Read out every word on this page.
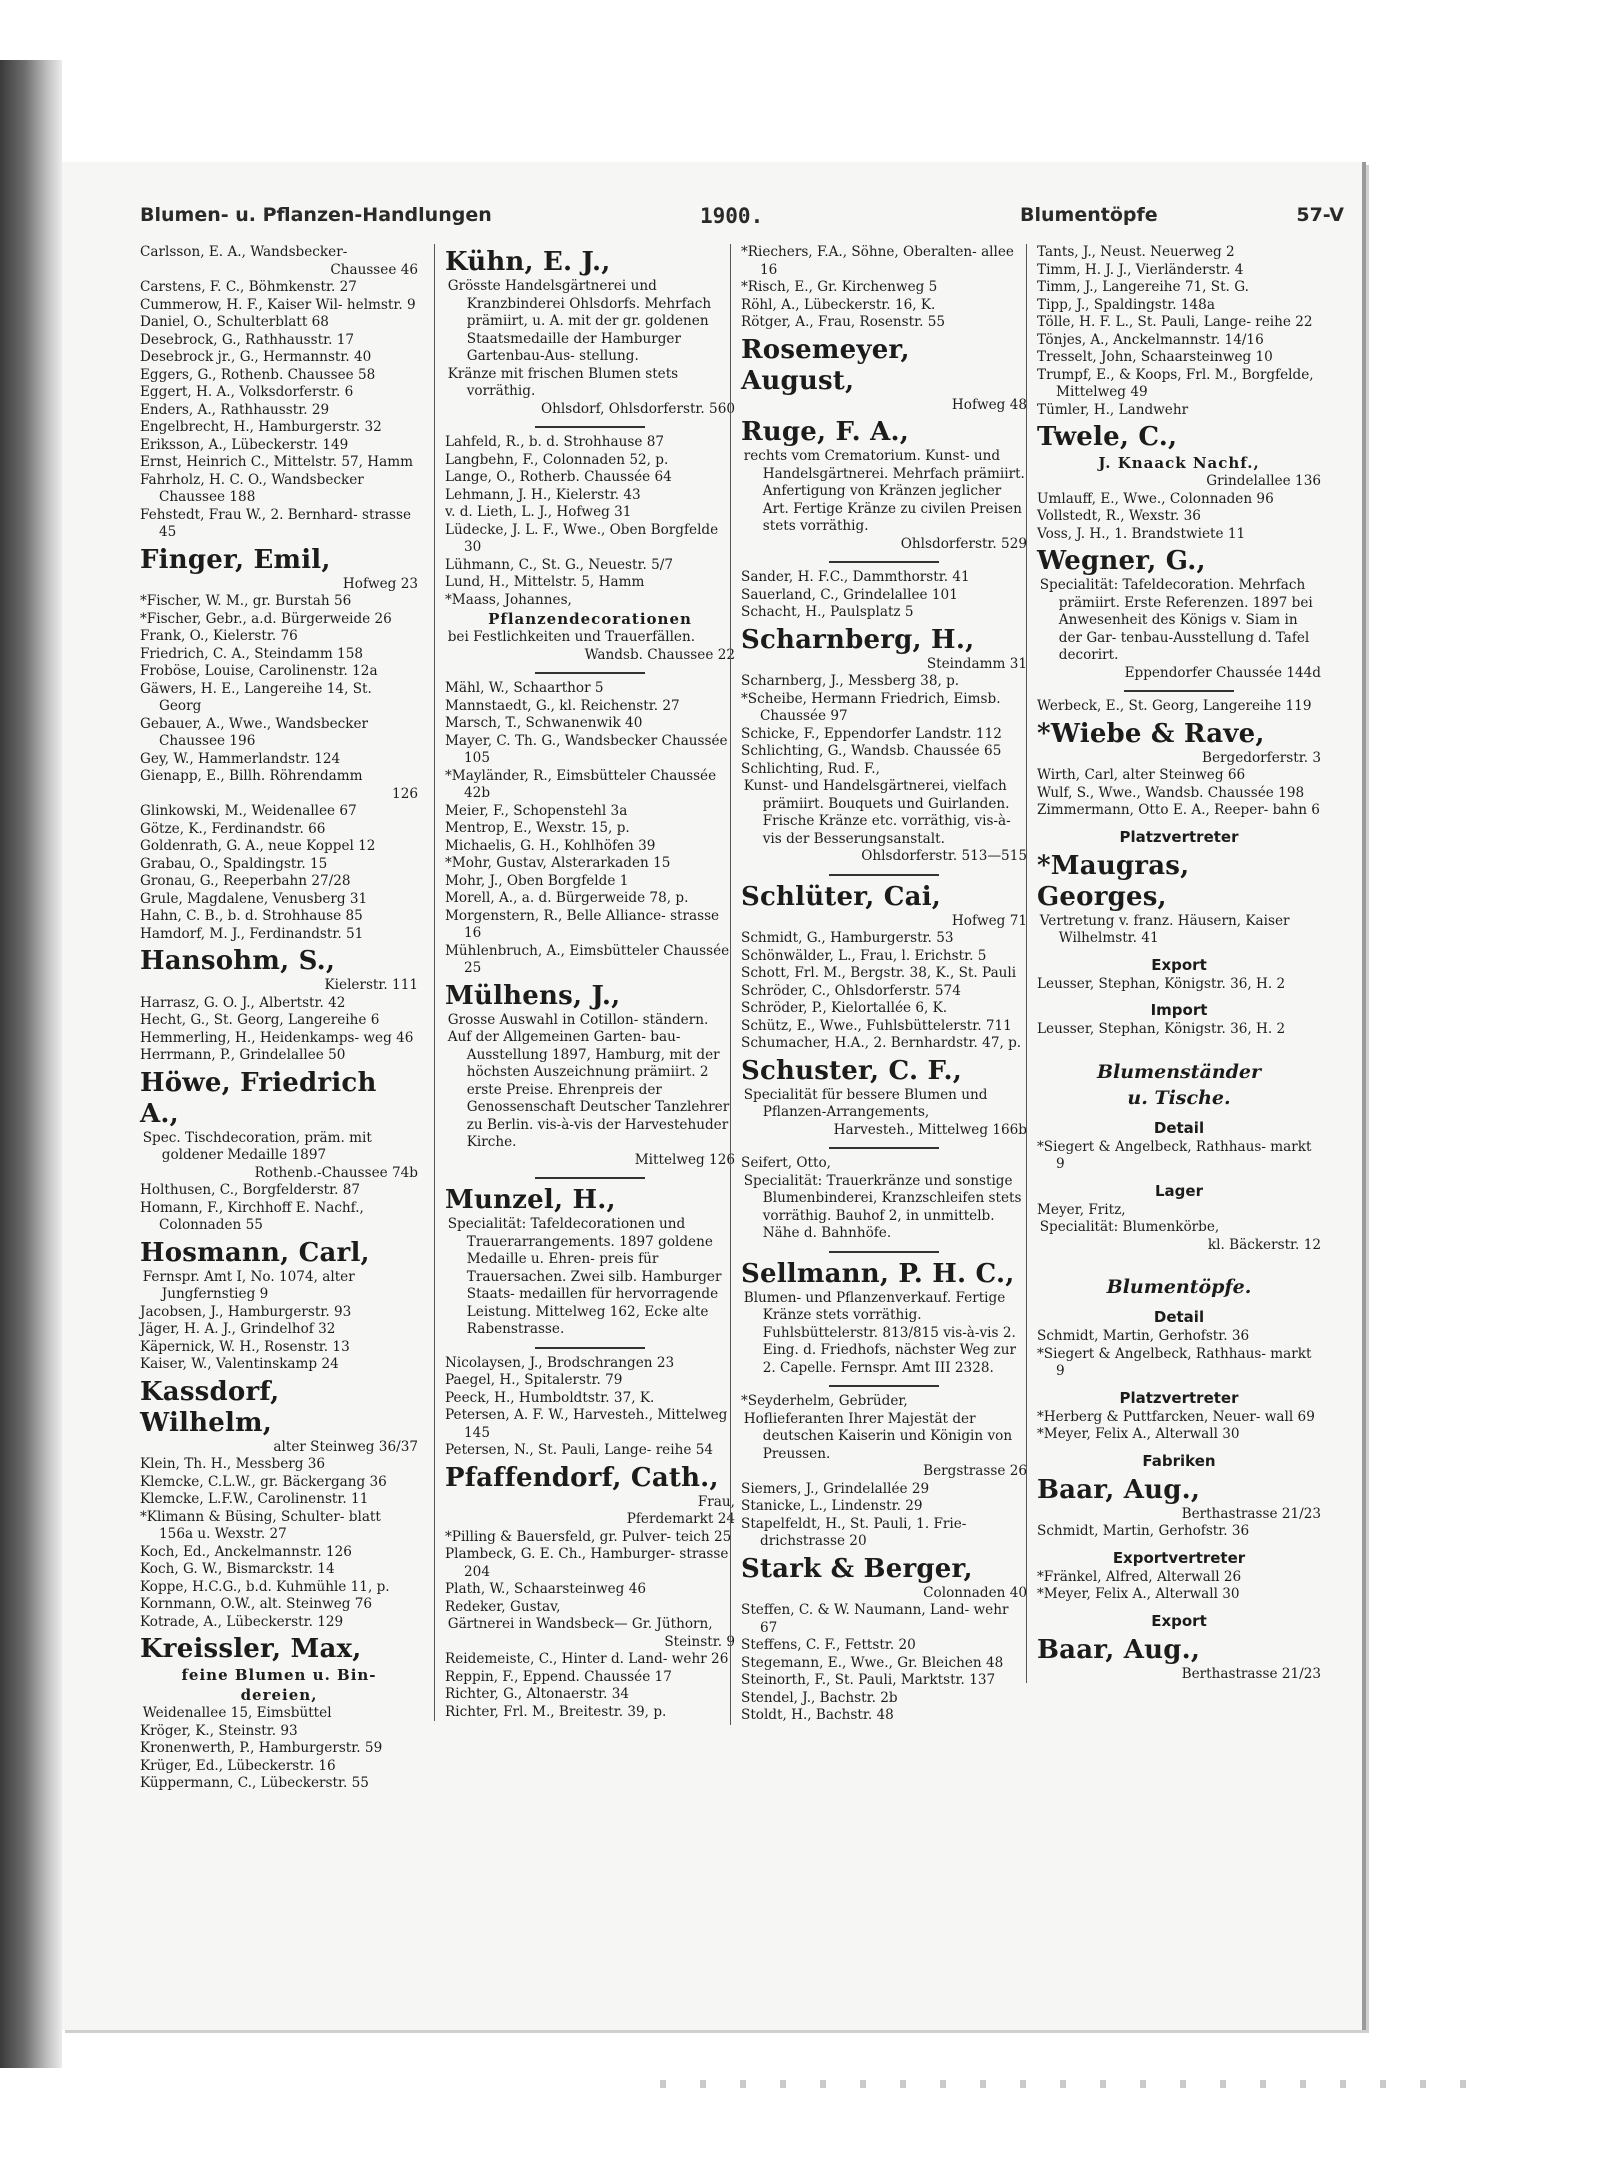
Blumen- u. Pflanzen-Handlungen	1900.	Blumentöpfe	57-V
Carlsson, E. A., Wandsbecker-
Chaussee 46
Carstens, F. C., Böhmkenstr. 27
Cummerow, H. F., Kaiser Wil- helmstr. 9
Daniel, O., Schulterblatt 68
Desebrock, G., Rathhausstr. 17
Desebrock jr., G., Hermannstr. 40
Eggers, G., Rothenb. Chaussee 58
Eggert, H. A., Volksdorferstr. 6
Enders, A., Rathhausstr. 29
Engelbrecht, H., Hamburgerstr. 32
Eriksson, A., Lübeckerstr. 149
Ernst, Heinrich C., Mittelstr. 57, Hamm
Fahrholz, H. C. O., Wandsbecker Chaussee 188
Fehstedt, Frau W., 2. Bernhard- strasse 45
Finger, Emil,
Hofweg 23
*Fischer, W. M., gr. Burstah 56
*Fischer, Gebr., a.d. Bürgerweide 26
Frank, O., Kielerstr. 76
Friedrich, C. A., Steindamm 158
Froböse, Louise, Carolinenstr. 12a
Gäwers, H. E., Langereihe 14, St. Georg
Gebauer, A., Wwe., Wandsbecker Chaussee 196
Gey, W., Hammerlandstr. 124
Gienapp, E., Billh. Röhrendamm
126
Glinkowski, M., Weidenallee 67
Götze, K., Ferdinandstr. 66
Goldenrath, G. A., neue Koppel 12
Grabau, O., Spaldingstr. 15
Gronau, G., Reeperbahn 27/28
Grule, Magdalene, Venusberg 31
Hahn, C. B., b. d. Strohhause 85
Hamdorf, M. J., Ferdinandstr. 51
Hansohm, S.,
Kielerstr. 111
Harrasz, G. O. J., Albertstr. 42
Hecht, G., St. Georg, Langereihe 6
Hemmerling, H., Heidenkamps- weg 46
Herrmann, P., Grindelallee 50
Höwe, Friedrich A.,
Spec. Tischdecoration, präm. mit goldener Medaille 1897
Rothenb.-Chaussee 74b
Holthusen, C., Borgfelderstr. 87
Homann, F., Kirchhoff E. Nachf., Colonnaden 55
Hosmann, Carl,
Fernspr. Amt I, No. 1074, alter Jungfernstieg 9
Jacobsen, J., Hamburgerstr. 93
Jäger, H. A. J., Grindelhof 32
Käpernick, W. H., Rosenstr. 13
Kaiser, W., Valentinskamp 24
Kassdorf, Wilhelm,
alter Steinweg 36/37
Klein, Th. H., Messberg 36
Klemcke, C.L.W., gr. Bäckergang 36
Klemcke, L.F.W., Carolinenstr. 11
*Klimann & Büsing, Schulter- blatt 156a u. Wexstr. 27
Koch, Ed., Anckelmannstr. 126
Koch, G. W., Bismarckstr. 14
Koppe, H.C.G., b.d. Kuhmühle 11, p.
Kornmann, O.W., alt. Steinweg 76
Kotrade, A., Lübeckerstr. 129
Kreissler, Max,
feine Blumen u. Bin- dereien,
Weidenallee 15, Eimsbüttel
Kröger, K., Steinstr. 93
Kronenwerth, P., Hamburgerstr. 59
Krüger, Ed., Lübeckerstr. 16
Küppermann, C., Lübeckerstr. 55
Kühn, E. J.,
Grösste Handelsgärtnerei und Kranzbinderei Ohlsdorfs. Mehrfach prämiirt, u. A. mit der gr. goldenen Staatsmedaille der Hamburger Gartenbau-Aus- stellung.
Kränze mit frischen Blumen stets vorräthig.
Ohlsdorf, Ohlsdorferstr. 560
Lahfeld, R., b. d. Strohhause 87
Langbehn, F., Colonnaden 52, p.
Lange, O., Rotherb. Chaussée 64
Lehmann, J. H., Kielerstr. 43
v. d. Lieth, L. J., Hofweg 31
Lüdecke, J. L. F., Wwe., Oben Borgfelde 30
Lühmann, C., St. G., Neuestr. 5/7
Lund, H., Mittelstr. 5, Hamm
*Maass, Johannes,
Pflanzendecorationen
bei Festlichkeiten und Trauerfällen.
Wandsb. Chaussee 22
Mähl, W., Schaarthor 5
Mannstaedt, G., kl. Reichenstr. 27
Marsch, T., Schwanenwik 40
Mayer, C. Th. G., Wandsbecker Chaussée 105
*Mayländer, R., Eimsbütteler Chaussée 42b
Meier, F., Schopenstehl 3a
Mentrop, E., Wexstr. 15, p.
Michaelis, G. H., Kohlhöfen 39
*Mohr, Gustav, Alsterarkaden 15
Mohr, J., Oben Borgfelde 1
Morell, A., a. d. Bürgerweide 78, p.
Morgenstern, R., Belle Alliance- strasse 16
Mühlenbruch, A., Eimsbütteler Chaussée 25
Mülhens, J.,
Grosse Auswahl in Cotillon- ständern.
Auf der Allgemeinen Garten- bau-Ausstellung 1897, Hamburg, mit der höchsten Auszeichnung prämiirt. 2 erste Preise. Ehrenpreis der Genossenschaft Deutscher Tanzlehrer zu Berlin. vis-à-vis der Harvestehuder Kirche.
Mittelweg 126
Munzel, H.,
Specialität: Tafeldecorationen und Trauerarrangements. 1897 goldene Medaille u. Ehren- preis für Trauersachen. Zwei silb. Hamburger Staats- medaillen für hervorragende Leistung. Mittelweg 162, Ecke alte Rabenstrasse.
Nicolaysen, J., Brodschrangen 23
Paegel, H., Spitalerstr. 79
Peeck, H., Humboldtstr. 37, K.
Petersen, A. F. W., Harvesteh., Mittelweg 145
Petersen, N., St. Pauli, Lange- reihe 54
Pfaffendorf, Cath.,
Frau,
Pferdemarkt 24
*Pilling & Bauersfeld, gr. Pulver- teich 25
Plambeck, G. E. Ch., Hamburger- strasse 204
Plath, W., Schaarsteinweg 46
Redeker, Gustav,
Gärtnerei in Wandsbeck— Gr. Jüthorn,
Steinstr. 9
Reidemeiste, C., Hinter d. Land- wehr 26
Reppin, F., Eppend. Chaussée 17
Richter, G., Altonaerstr. 34
Richter, Frl. M., Breitestr. 39, p.
*Riechers, F.A., Söhne, Oberalten- allee 16
*Risch, E., Gr. Kirchenweg 5
Röhl, A., Lübeckerstr. 16, K.
Rötger, A., Frau, Rosenstr. 55
Rosemeyer, August,
Hofweg 48
Ruge, F. A.,
rechts vom Crematorium. Kunst- und Handelsgärtnerei. Mehrfach prämiirt. Anfertigung von Kränzen jeglicher Art. Fertige Kränze zu civilen Preisen stets vorräthig.
Ohlsdorferstr. 529
Sander, H. F.C., Dammthorstr. 41
Sauerland, C., Grindelallee 101
Schacht, H., Paulsplatz 5
Scharnberg, H.,
Steindamm 31
Scharnberg, J., Messberg 38, p.
*Scheibe, Hermann Friedrich, Eimsb. Chaussée 97
Schicke, F., Eppendorfer Landstr. 112
Schlichting, G., Wandsb. Chaussée 65
Schlichting, Rud. F.,
Kunst- und Handelsgärtnerei, vielfach prämiirt. Bouquets und Guirlanden. Frische Kränze etc. vorräthig, vis-à-vis der Besserungsanstalt.
Ohlsdorferstr. 513—515
Schlüter, Cai,
Hofweg 71
Schmidt, G., Hamburgerstr. 53
Schönwälder, L., Frau, l. Erichstr. 5
Schott, Frl. M., Bergstr. 38, K., St. Pauli
Schröder, C., Ohlsdorferstr. 574
Schröder, P., Kielortallée 6, K.
Schütz, E., Wwe., Fuhlsbüttelerstr. 711
Schumacher, H.A., 2. Bernhardstr. 47, p.
Schuster, C. F.,
Specialität für bessere Blumen und Pflanzen-Arrangements,
Harvesteh., Mittelweg 166b
Seifert, Otto,
Specialität: Trauerkränze und sonstige Blumenbinderei, Kranzschleifen stets vorräthig. Bauhof 2, in unmittelb. Nähe d. Bahnhöfe.
Sellmann, P. H. C.,
Blumen- und Pflanzenverkauf. Fertige Kränze stets vorräthig. Fuhlsbüttelerstr. 813/815 vis-à-vis 2. Eing. d. Friedhofs, nächster Weg zur 2. Capelle. Fernspr. Amt III 2328.
*Seyderhelm, Gebrüder,
Hoflieferanten Ihrer Majestät der deutschen Kaiserin und Königin von Preussen.
Bergstrasse 26
Siemers, J., Grindelallée 29
Stanicke, L., Lindenstr. 29
Stapelfeldt, H., St. Pauli, 1. Frie- drichstrasse 20
Stark & Berger,
Colonnaden 40
Steffen, C. & W. Naumann, Land- wehr 67
Steffens, C. F., Fettstr. 20
Stegemann, E., Wwe., Gr. Bleichen 48
Steinorth, F., St. Pauli, Marktstr. 137
Stendel, J., Bachstr. 2b
Stoldt, H., Bachstr. 48
Tants, J., Neust. Neuerweg 2
Timm, H. J. J., Vierländerstr. 4
Timm, J., Langereihe 71, St. G.
Tipp, J., Spaldingstr. 148a
Tölle, H. F. L., St. Pauli, Lange- reihe 22
Tönjes, A., Anckelmannstr. 14/16
Tresselt, John, Schaarsteinweg 10
Trumpf, E., & Koops, Frl. M., Borgfelde, Mittelweg 49
Tümler, H., Landwehr
Twele, C.,
J. Knaack Nachf.,
Grindelallee 136
Umlauff, E., Wwe., Colonnaden 96
Vollstedt, R., Wexstr. 36
Voss, J. H., 1. Brandstwiete 11
Wegner, G.,
Specialität: Tafeldecoration. Mehrfach prämiirt. Erste Referenzen. 1897 bei Anwesenheit des Königs v. Siam in der Gar- tenbau-Ausstellung d. Tafel decorirt.
Eppendorfer Chaussée 144d
Werbeck, E., St. Georg, Langereihe 119
*Wiebe & Rave,
Bergedorferstr. 3
Wirth, Carl, alter Steinweg 66
Wulf, S., Wwe., Wandsb. Chaussée 198
Zimmermann, Otto E. A., Reeper- bahn 6
Platzvertreter
*Maugras, Georges,
Vertretung v. franz. Häusern, Kaiser Wilhelmstr. 41
Export
Leusser, Stephan, Königstr. 36, H. 2
Import
Leusser, Stephan, Königstr. 36, H. 2
Blumenständer
u. Tische.
Detail
*Siegert & Angelbeck, Rathhaus- markt 9
Lager
Meyer, Fritz,
Specialität: Blumenkörbe,
kl. Bäckerstr. 12
Blumentöpfe.
Detail
Schmidt, Martin, Gerhofstr. 36
*Siegert & Angelbeck, Rathhaus- markt 9
Platzvertreter
*Herberg & Puttfarcken, Neuer- wall 69
*Meyer, Felix A., Alterwall 30
Fabriken
Baar, Aug.,
Berthastrasse 21/23
Schmidt, Martin, Gerhofstr. 36
Exportvertreter
*Fränkel, Alfred, Alterwall 26
*Meyer, Felix A., Alterwall 30
Export
Baar, Aug.,
Berthastrasse 21/23
